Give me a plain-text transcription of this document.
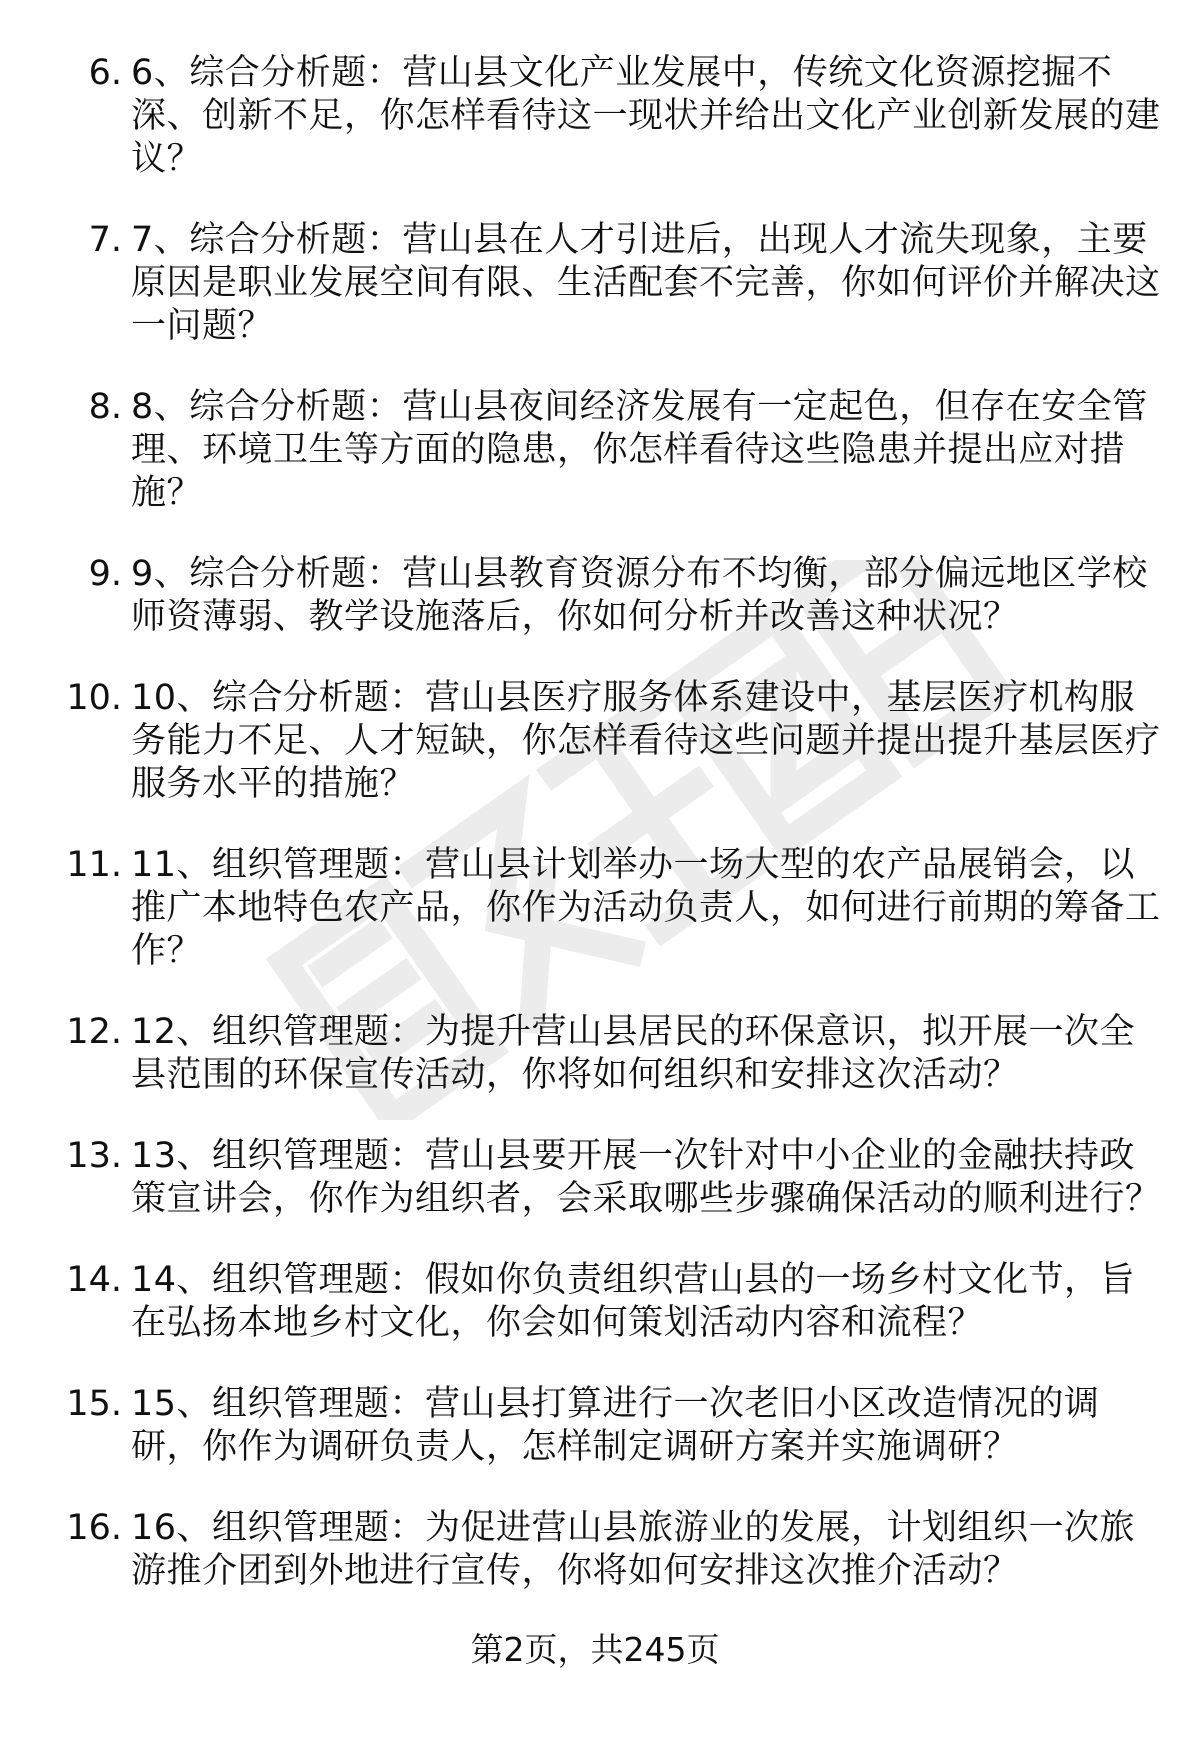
6. 6、综合分析题：营山县文化产业发展中，传统文化资源挖掘不深、创新不足，你怎样看待这一现状并给出文化产业创新发展的建议？
7. 7、综合分析题：营山县在人才引进后，出现人才流失现象，主要原因是职业发展空间有限、生活配套不完善，你如何评价并解决这一问题？
8. 8、综合分析题：营山县夜间经济发展有一定起色，但存在安全管理、环境卫生等方面的隐患，你怎样看待这些隐患并提出应对措施？
9. 9、综合分析题：营山县教育资源分布不均衡，部分偏远地区学校师资薄弱、教学设施落后，你如何分析并改善这种状况？
10. 10、综合分析题：营山县医疗服务体系建设中，基层医疗机构服务能力不足、人才短缺，你怎样看待这些问题并提出提升基层医疗服务水平的措施？
11. 11、组织管理题：营山县计划举办一场大型的农产品展销会，以推广本地特色农产品，你作为活动负责人，如何进行前期的筹备工作？
12. 12、组织管理题：为提升营山县居民的环保意识，拟开展一次全县范围的环保宣传活动，你将如何组织和安排这次活动？
13. 13、组织管理题：营山县要开展一次针对中小企业的金融扶持政策宣讲会，你作为组织者，会采取哪些步骤确保活动的顺利进行？
14. 14、组织管理题：假如你负责组织营山县的一场乡村文化节，旨在弘扬本地乡村文化，你会如何策划活动内容和流程？
15. 15、组织管理题：营山县打算进行一次老旧小区改造情况的调研，你作为调研负责人，怎样制定调研方案并实施调研？
16. 16、组织管理题：为促进营山县旅游业的发展，计划组织一次旅游推介团到外地进行宣传，你将如何安排这次推介活动？
第2页，共245页
